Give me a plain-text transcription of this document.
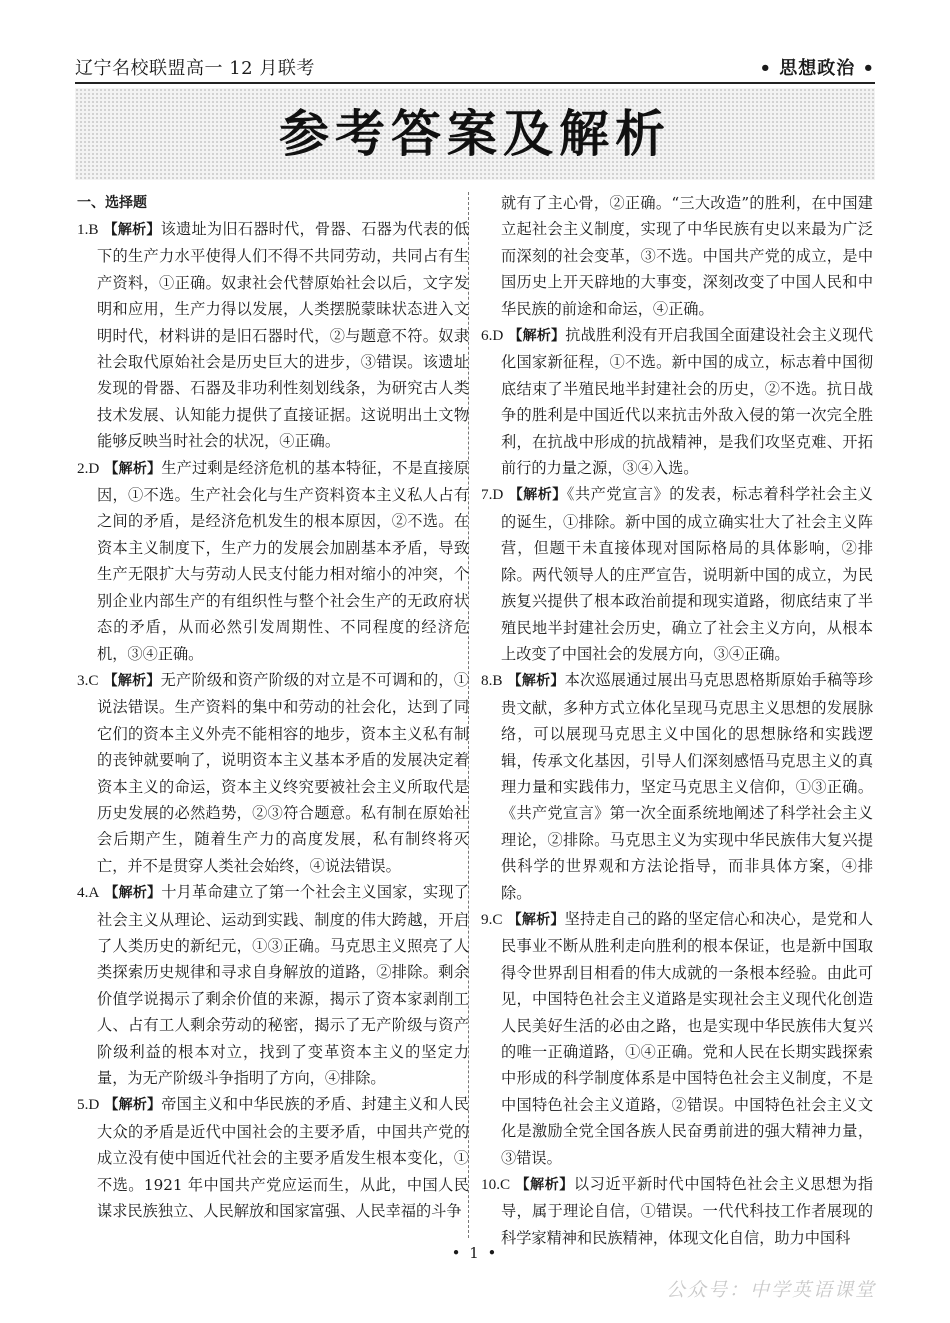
辽宁名校联盟高一 12 月联考	• 思想政治 •
参考答案及解析
一、选择题
1.B 【解析】该遗址为旧石器时代，骨器、石器为代表的低下的生产力水平使得人们不得不共同劳动，共同占有生产资料，①正确。奴隶社会代替原始社会以后，文字发明和应用，生产力得以发展，人类摆脱蒙昧状态进入文明时代，材料讲的是旧石器时代，②与题意不符。奴隶社会取代原始社会是历史巨大的进步，③错误。该遗址发现的骨器、石器及非功利性刻划线条，为研究古人类技术发展、认知能力提供了直接证据。这说明出土文物能够反映当时社会的状况，④正确。
2.D 【解析】生产过剩是经济危机的基本特征，不是直接原因，①不选。生产社会化与生产资料资本主义私人占有之间的矛盾，是经济危机发生的根本原因，②不选。在资本主义制度下，生产力的发展会加剧基本矛盾，导致生产无限扩大与劳动人民支付能力相对缩小的冲突，个别企业内部生产的有组织性与整个社会生产的无政府状态的矛盾，从而必然引发周期性、不同程度的经济危机，③④正确。
3.C 【解析】无产阶级和资产阶级的对立是不可调和的，①说法错误。生产资料的集中和劳动的社会化，达到了同它们的资本主义外壳不能相容的地步，资本主义私有制的丧钟就要响了，说明资本主义基本矛盾的发展决定着资本主义的命运，资本主义终究要被社会主义所取代是历史发展的必然趋势，②③符合题意。私有制在原始社会后期产生，随着生产力的高度发展，私有制终将灭亡，并不是贯穿人类社会始终，④说法错误。
4.A 【解析】十月革命建立了第一个社会主义国家，实现了社会主义从理论、运动到实践、制度的伟大跨越，开启了人类历史的新纪元，①③正确。马克思主义照亮了人类探索历史规律和寻求自身解放的道路，②排除。剩余价值学说揭示了剩余价值的来源，揭示了资本家剥削工人、占有工人剩余劳动的秘密，揭示了无产阶级与资产阶级利益的根本对立，找到了变革资本主义的坚定力量，为无产阶级斗争指明了方向，④排除。
5.D 【解析】帝国主义和中华民族的矛盾、封建主义和人民大众的矛盾是近代中国社会的主要矛盾，中国共产党的成立没有使中国近代社会的主要矛盾发生根本变化，①不选。1921 年中国共产党应运而生，从此，中国人民谋求民族独立、人民解放和国家富强、人民幸福的斗争
就有了主心骨，②正确。“三大改造”的胜利，在中国建立起社会主义制度，实现了中华民族有史以来最为广泛而深刻的社会变革，③不选。中国共产党的成立，是中国历史上开天辟地的大事变，深刻改变了中国人民和中华民族的前途和命运，④正确。
6.D 【解析】抗战胜利没有开启我国全面建设社会主义现代化国家新征程，①不选。新中国的成立，标志着中国彻底结束了半殖民地半封建社会的历史，②不选。抗日战争的胜利是中国近代以来抗击外敌入侵的第一次完全胜利，在抗战中形成的抗战精神，是我们攻坚克难、开拓前行的力量之源，③④入选。
7.D 【解析】《共产党宣言》的发表，标志着科学社会主义的诞生，①排除。新中国的成立确实壮大了社会主义阵营，但题干未直接体现对国际格局的具体影响，②排除。两代领导人的庄严宣告，说明新中国的成立，为民族复兴提供了根本政治前提和现实道路，彻底结束了半殖民地半封建社会历史，确立了社会主义方向，从根本上改变了中国社会的发展方向，③④正确。
8.B 【解析】本次巡展通过展出马克思恩格斯原始手稿等珍贵文献，多种方式立体化呈现马克思主义思想的发展脉络，可以展现马克思主义中国化的思想脉络和实践逻辑，传承文化基因，引导人们深刻感悟马克思主义的真理力量和实践伟力，坚定马克思主义信仰，①③正确。《共产党宣言》第一次全面系统地阐述了科学社会主义理论，②排除。马克思主义为实现中华民族伟大复兴提供科学的世界观和方法论指导，而非具体方案，④排除。
9.C 【解析】坚持走自己的路的坚定信心和决心，是党和人民事业不断从胜利走向胜利的根本保证，也是新中国取得令世界刮目相看的伟大成就的一条根本经验。由此可见，中国特色社会主义道路是实现社会主义现代化创造人民美好生活的必由之路，也是实现中华民族伟大复兴的唯一正确道路，①④正确。党和人民在长期实践探索中形成的科学制度体系是中国特色社会主义制度，不是中国特色社会主义道路，②错误。中国特色社会主义文化是激励全党全国各族人民奋勇前进的强大精神力量，③错误。
10.C 【解析】以习近平新时代中国特色社会主义思想为指导，属于理论自信，①错误。一代代科技工作者展现的科学家精神和民族精神，体现文化自信，助力中国科
• 1 •
公众号：中学英语课堂
